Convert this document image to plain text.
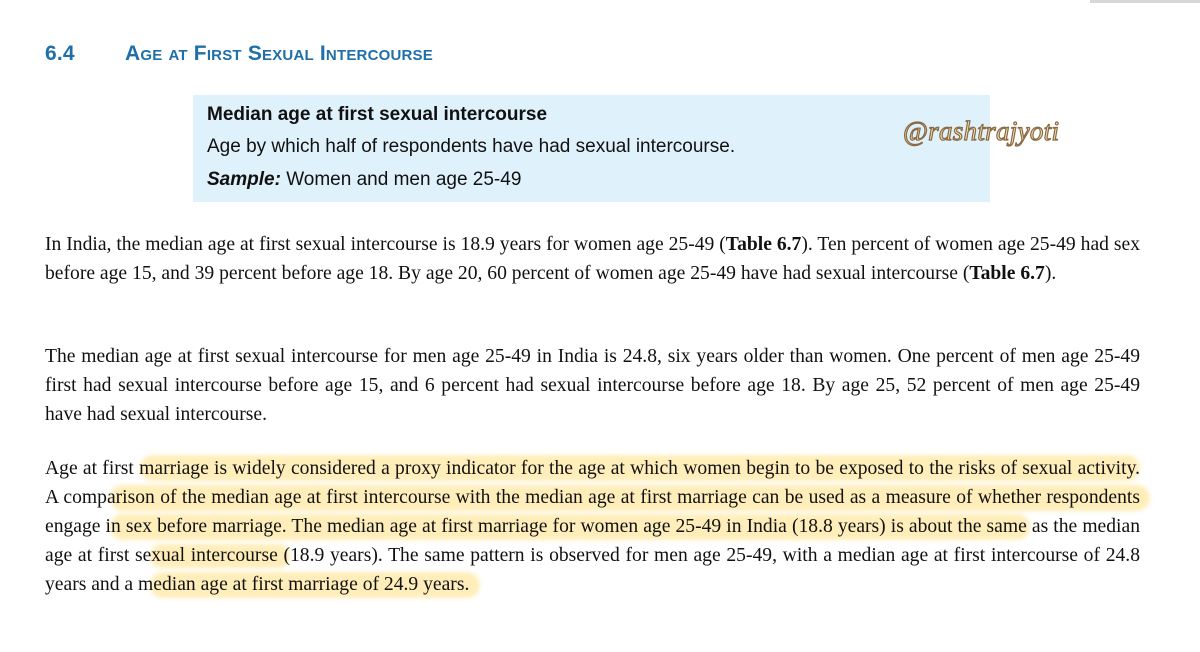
6.4 Age at First Sexual Intercourse
Median age at first sexual intercourse
Age by which half of respondents have had sexual intercourse.
Sample: Women and men age 25-49
@rashtrajyoti

In India, the median age at first sexual intercourse is 18.9 years for women age 25-49 (Table 6.7). Ten percent of women age 25-49 had sex before age 15, and 39 percent before age 18. By age 20, 60 percent of women age 25-49 have had sexual intercourse (Table 6.7).

The median age at first sexual intercourse for men age 25-49 in India is 24.8, six years older than women. One percent of men age 25-49 first had sexual intercourse before age 15, and 6 percent had sexual intercourse before age 18. By age 25, 52 percent of men age 25-49 have had sexual intercourse.

Age at first marriage is widely considered a proxy indicator for the age at which women begin to be exposed to the risks of sexual activity. A comparison of the median age at first intercourse with the median age at first marriage can be used as a measure of whether respondents engage in sex before marriage. The median age at first marriage for women age 25-49 in India (18.8 years) is about the same as the median age at first sexual intercourse (18.9 years). The same pattern is observed for men age 25-49, with a median age at first intercourse of 24.8 years and a median age at first marriage of 24.9 years.
